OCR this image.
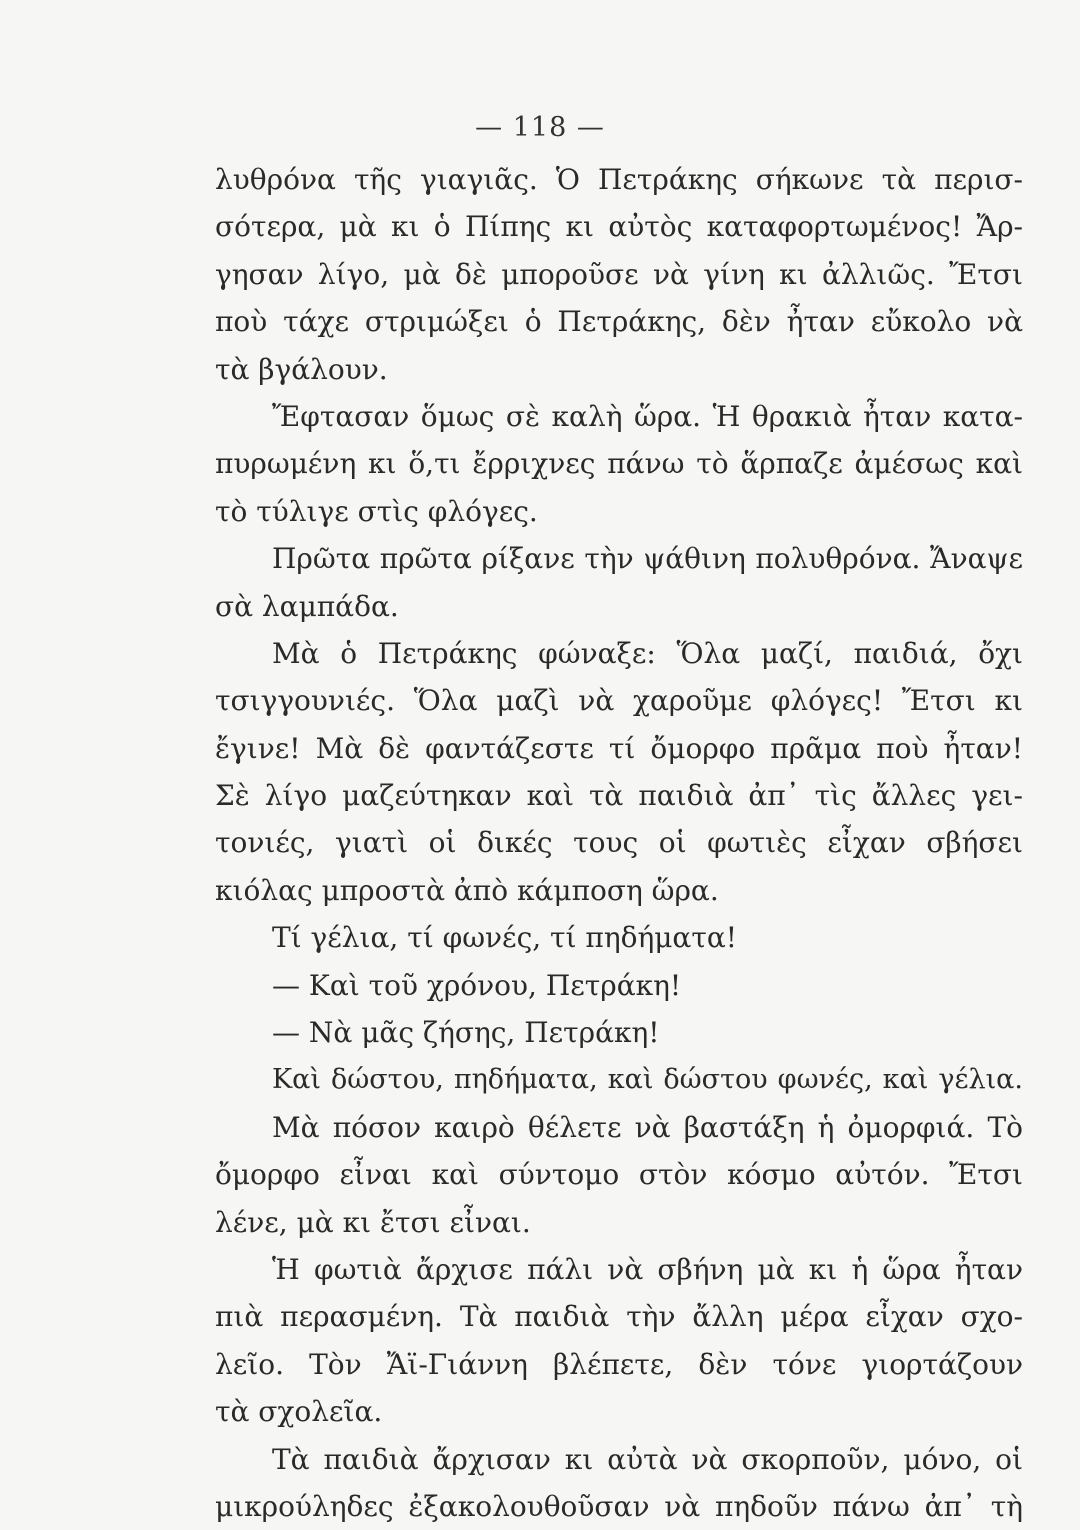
— 118 —
λυθρόνα τῆς γιαγιᾶς. Ὁ Πετράκης σήκωνε τὰ περισ-
σότερα, μὰ κι ὁ Πίπης κι αὐτὸς καταφορτωμένος! Ἄρ-
γησαν λίγο, μὰ δὲ μποροῦσε νὰ γίνη κι ἀλλιῶς. Ἔτσι
ποὺ τάχε στριμώξει ὁ Πετράκης, δὲν ἦταν εὔκολο νὰ
τὰ βγάλουν.
Ἔφτασαν ὅμως σὲ καλὴ ὥρα. Ἡ θρακιὰ ἦταν κατα-
πυρωμένη κι ὅ,τι ἔρριχνες πάνω τὸ ἅρπαζε ἀμέσως καὶ
τὸ τύλιγε στὶς φλόγες.
Πρῶτα πρῶτα ρίξανε τὴν ψάθινη πολυθρόνα. Ἄναψε
σὰ λαμπάδα.
Μὰ ὁ Πετράκης φώναξε: Ὅλα μαζί, παιδιά, ὄχι
τσιγγουνιές. Ὅλα μαζὶ νὰ χαροῦμε φλόγες! Ἔτσι κι
ἔγινε! Μὰ δὲ φαντάζεστε τί ὄμορφο πρᾶμα ποὺ ἦταν!
Σὲ λίγο μαζεύτηκαν καὶ τὰ παιδιὰ ἀπ᾽ τὶς ἄλλες γει-
τονιές, γιατὶ οἱ δικές τους οἱ φωτιὲς εἶχαν σβήσει
κιόλας μπροστὰ ἀπὸ κάμποση ὥρα.
Τί γέλια, τί φωνές, τί πηδήματα!
— Καὶ τοῦ χρόνου, Πετράκη!
— Νὰ μᾶς ζήσης, Πετράκη!
Καὶ δώστου, πηδήματα, καὶ δώστου φωνές, καὶ γέλια.
Μὰ πόσον καιρὸ θέλετε νὰ βαστάξη ἡ ὀμορφιά. Τὸ
ὄμορφο εἶναι καὶ σύντομο στὸν κόσμο αὐτόν. Ἔτσι
λένε, μὰ κι ἔτσι εἶναι.
Ἡ φωτιὰ ἄρχισε πάλι νὰ σβήνη μὰ κι ἡ ὥρα ἦταν
πιὰ περασμένη. Τὰ παιδιὰ τὴν ἄλλη μέρα εἶχαν σχο-
λεῖο. Τὸν Ἄϊ-Γιάννη βλέπετε, δὲν τόνε γιορτάζουν
τὰ σχολεῖα.
Τὰ παιδιὰ ἄρχισαν κι αὐτὰ νὰ σκορποῦν, μόνο, οἱ
μικρούληδες ἐξακολουθοῦσαν νὰ πηδοῦν πάνω ἀπ᾽ τὴ
